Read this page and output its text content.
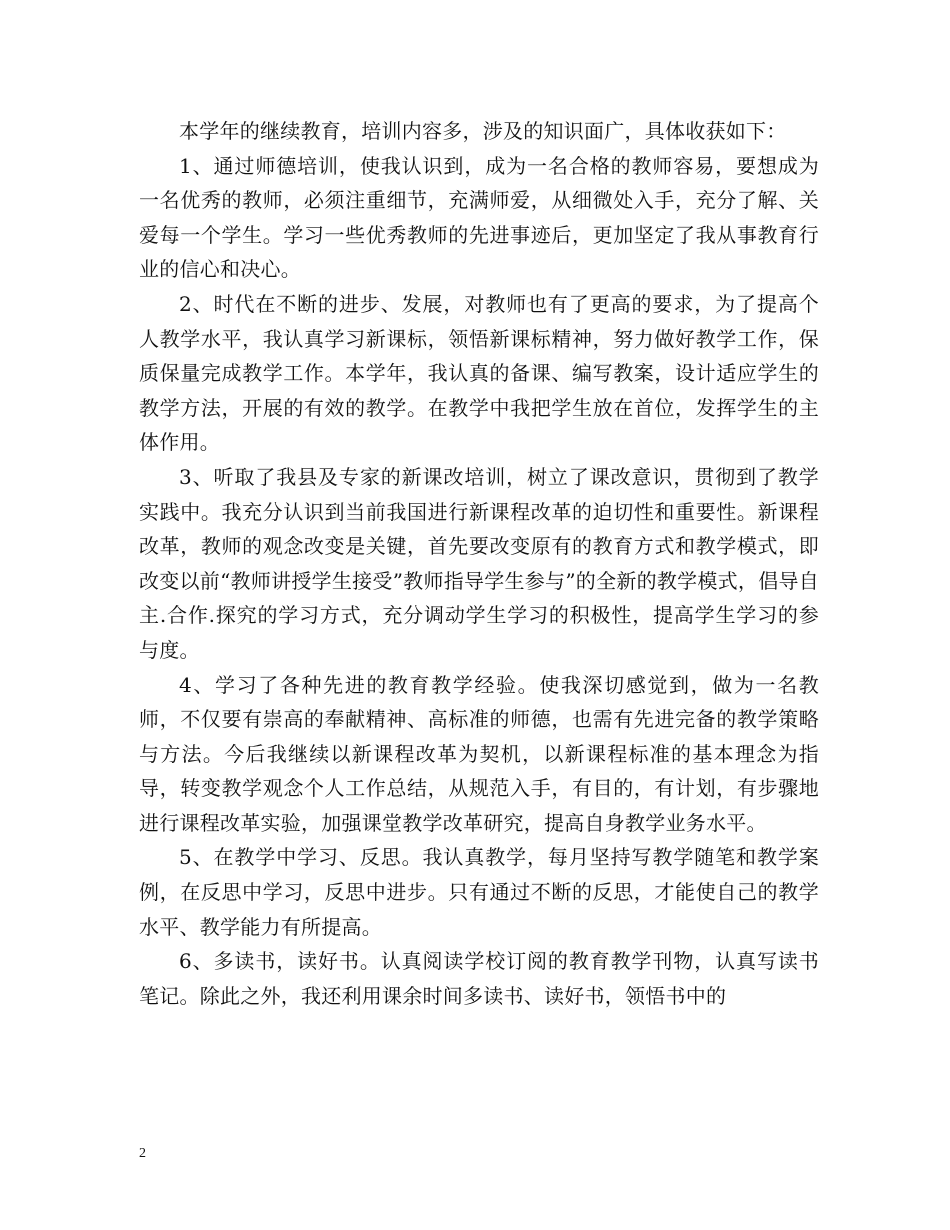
本学年的继续教育，培训内容多，涉及的知识面广，具体收获如下：

1、通过师德培训，使我认识到，成为一名合格的教师容易，要想成为一名优秀的教师，必须注重细节，充满师爱，从细微处入手，充分了解、关爱每一个学生。学习一些优秀教师的先进事迹后，更加坚定了我从事教育行业的信心和决心。

2、时代在不断的进步、发展，对教师也有了更高的要求，为了提高个人教学水平，我认真学习新课标，领悟新课标精神，努力做好教学工作，保质保量完成教学工作。本学年，我认真的备课、编写教案，设计适应学生的教学方法，开展的有效的教学。在教学中我把学生放在首位，发挥学生的主体作用。

3、听取了我县及专家的新课改培训，树立了课改意识，贯彻到了教学实践中。我充分认识到当前我国进行新课程改革的迫切性和重要性。新课程改革，教师的观念改变是关键，首先要改变原有的教育方式和教学模式，即改变以前“教师讲授学生接受”教师指导学生参与”的全新的教学模式，倡导自主.合作.探究的学习方式，充分调动学生学习的积极性，提高学生学习的参与度。

4、学习了各种先进的教育教学经验。使我深切感觉到，做为一名教师，不仅要有崇高的奉献精神、高标准的师德，也需有先进完备的教学策略与方法。今后我继续以新课程改革为契机，以新课程标准的基本理念为指导，转变教学观念个人工作总结，从规范入手，有目的，有计划，有步骤地进行课程改革实验，加强课堂教学改革研究，提高自身教学业务水平。

5、在教学中学习、反思。我认真教学，每月坚持写教学随笔和教学案例，在反思中学习，反思中进步。只有通过不断的反思，才能使自己的教学水平、教学能力有所提高。

6、多读书，读好书。认真阅读学校订阅的教育教学刊物，认真写读书笔记。除此之外，我还利用课余时间多读书、读好书，领悟书中的

2
